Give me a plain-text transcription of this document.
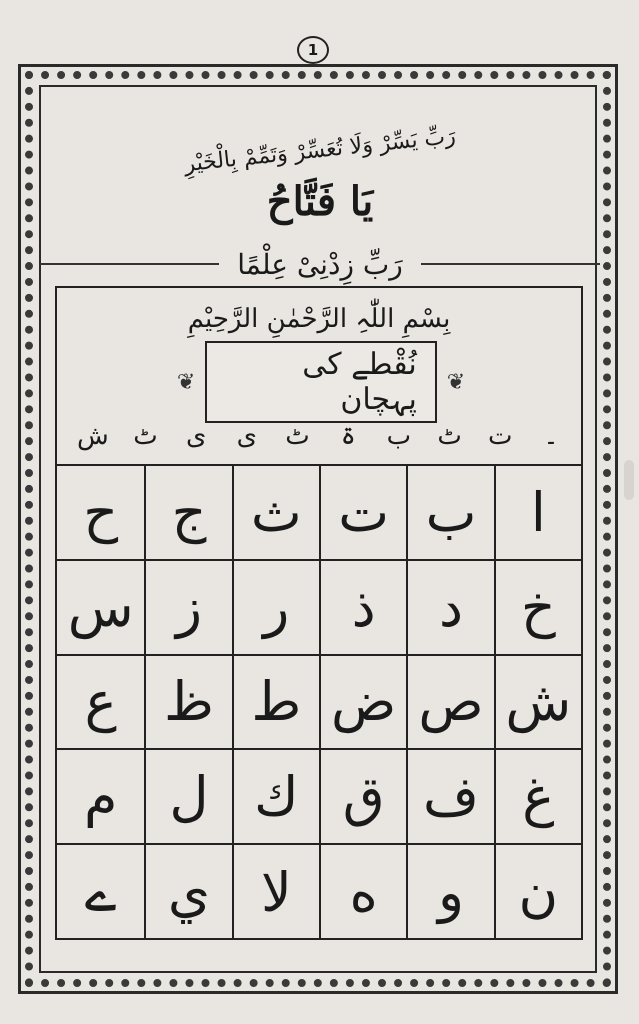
1
رَبِّ یَسِّرْ وَلَا تُعَسِّرْ وَتَمِّمْ بِالْخَیْرِ
یَا فَتَّاحُ
رَبِّ زِدْنِیْ عِلْمًا
بِسْمِ اللّٰہِ الرَّحْمٰنِ الرَّحِیْمِ
❦	نُقْطے کی پہچان	❦
۔
ت
ٹ
ب
ۃ
ٹ
ی
ی
ٹ
ش
ا
ب
ت
ث
ج
ح
خ
د
ذ
ر
ز
س
ش
ص
ض
ط
ظ
ع
غ
ف
ق
ك
ل
م
ن
و
ه
لا
ي
ے
